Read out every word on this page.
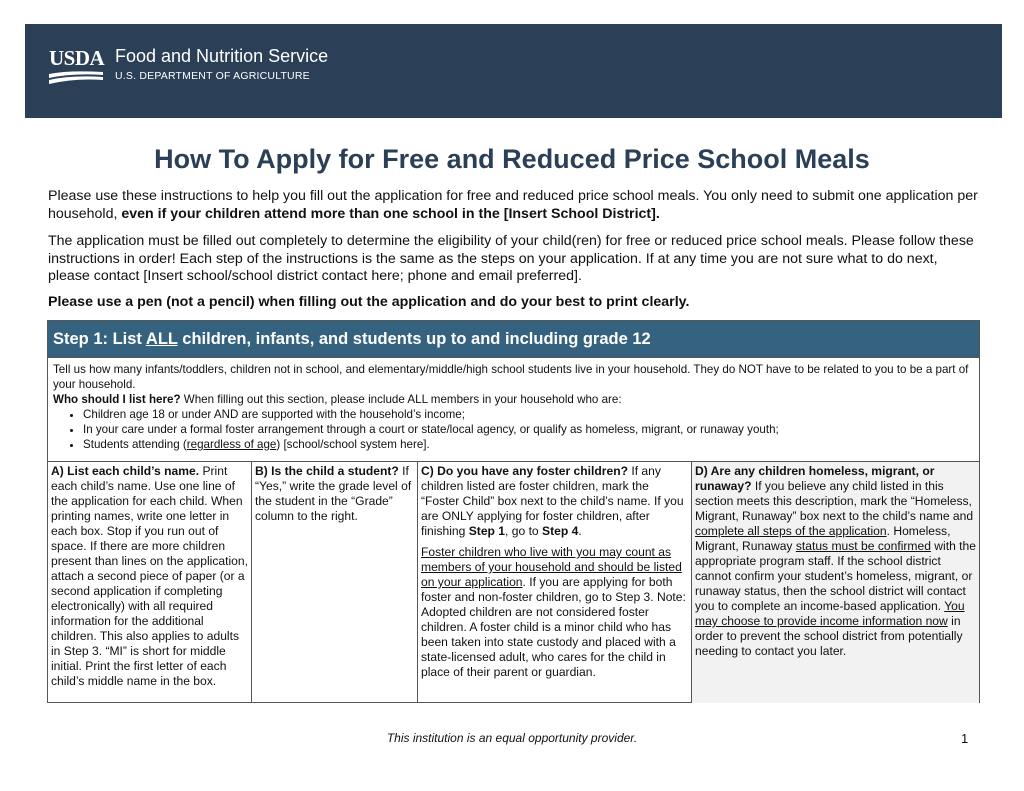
USDA Food and Nutrition Service
U.S. DEPARTMENT OF AGRICULTURE
How To Apply for Free and Reduced Price School Meals
Please use these instructions to help you fill out the application for free and reduced price school meals. You only need to submit one application per household, even if your children attend more than one school in the [Insert School District].
The application must be filled out completely to determine the eligibility of your child(ren) for free or reduced price school meals. Please follow these instructions in order! Each step of the instructions is the same as the steps on your application. If at any time you are not sure what to do next, please contact [Insert school/school district contact here; phone and email preferred].
Please use a pen (not a pencil) when filling out the application and do your best to print clearly.
Step 1: List ALL children, infants, and students up to and including grade 12
Tell us how many infants/toddlers, children not in school, and elementary/middle/high school students live in your household. They do NOT have to be related to you to be a part of your household.
Who should I list here? When filling out this section, please include ALL members in your household who are:
• Children age 18 or under AND are supported with the household’s income;
• In your care under a formal foster arrangement through a court or state/local agency, or qualify as homeless, migrant, or runaway youth;
• Students attending (regardless of age) [school/school system here].
A) List each child’s name. Print each child’s name. Use one line of the application for each child. When printing names, write one letter in each box. Stop if you run out of space. If there are more children present than lines on the application, attach a second piece of paper (or a second application if completing electronically) with all required information for the additional children. This also applies to adults in Step 3. “MI” is short for middle initial. Print the first letter of each child’s middle name in the box.
B) Is the child a student? If “Yes,” write the grade level of the student in the “Grade” column to the right.

C) Do you have any foster children? If any children listed are foster children, mark the “Foster Child” box next to the child’s name. If you are ONLY applying for foster children, after finishing Step 1, go to Step 4.

Foster children who live with you may count as members of your household and should be listed on your application. If you are applying for both foster and non-foster children, go to Step 3. Note: Adopted children are not considered foster children. A foster child is a minor child who has been taken into state custody and placed with a state-licensed adult, who cares for the child in place of their parent or guardian.

D) Are any children homeless, migrant, or runaway? If you believe any child listed in this section meets this description, mark the “Homeless, Migrant, Runaway” box next to the child’s name and complete all steps of the application. Homeless, Migrant, Runaway status must be confirmed with the appropriate program staff. If the school district cannot confirm your student’s homeless, migrant, or runaway status, then the school district will contact you to complete an income-based application. You may choose to provide income information now in order to prevent the school district from potentially needing to contact you later.
This institution is an equal opportunity provider.	1
